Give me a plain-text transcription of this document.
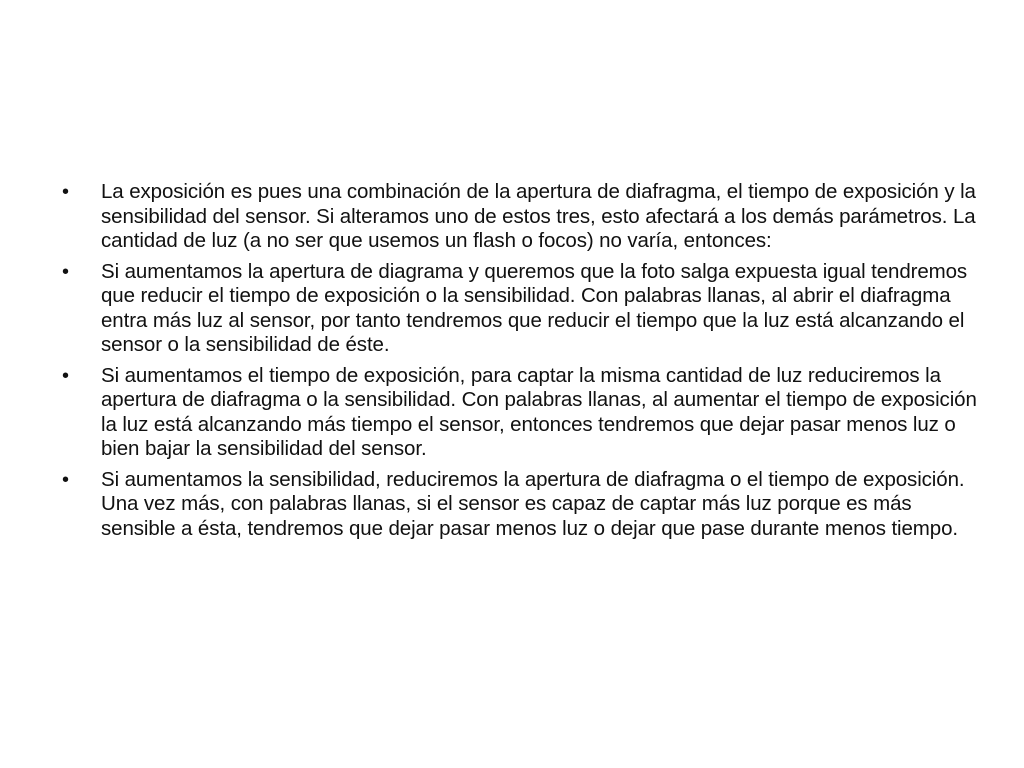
• La exposición es pues una combinación de la apertura de diafragma, el tiempo de exposición y la sensibilidad del sensor. Si alteramos uno de estos tres, esto afectará a los demás parámetros. La cantidad de luz (a no ser que usemos un flash o focos) no varía, entonces:
• Si aumentamos la apertura de diagrama y queremos que la foto salga expuesta igual tendremos que reducir el tiempo de exposición o la sensibilidad. Con palabras llanas, al abrir el diafragma entra más luz al sensor, por tanto tendremos que reducir el tiempo que la luz está alcanzando el sensor o la sensibilidad de éste.
• Si aumentamos el tiempo de exposición, para captar la misma cantidad de luz reduciremos la apertura de diafragma o la sensibilidad. Con palabras llanas, al aumentar el tiempo de exposición la luz está alcanzando más tiempo el sensor, entonces tendremos que dejar pasar menos luz o bien bajar la sensibilidad del sensor.
• Si aumentamos la sensibilidad, reduciremos la apertura de diafragma o el tiempo de exposición. Una vez más, con palabras llanas, si el sensor es capaz de captar más luz porque es más sensible a ésta, tendremos que dejar pasar menos luz o dejar que pase durante menos tiempo.
